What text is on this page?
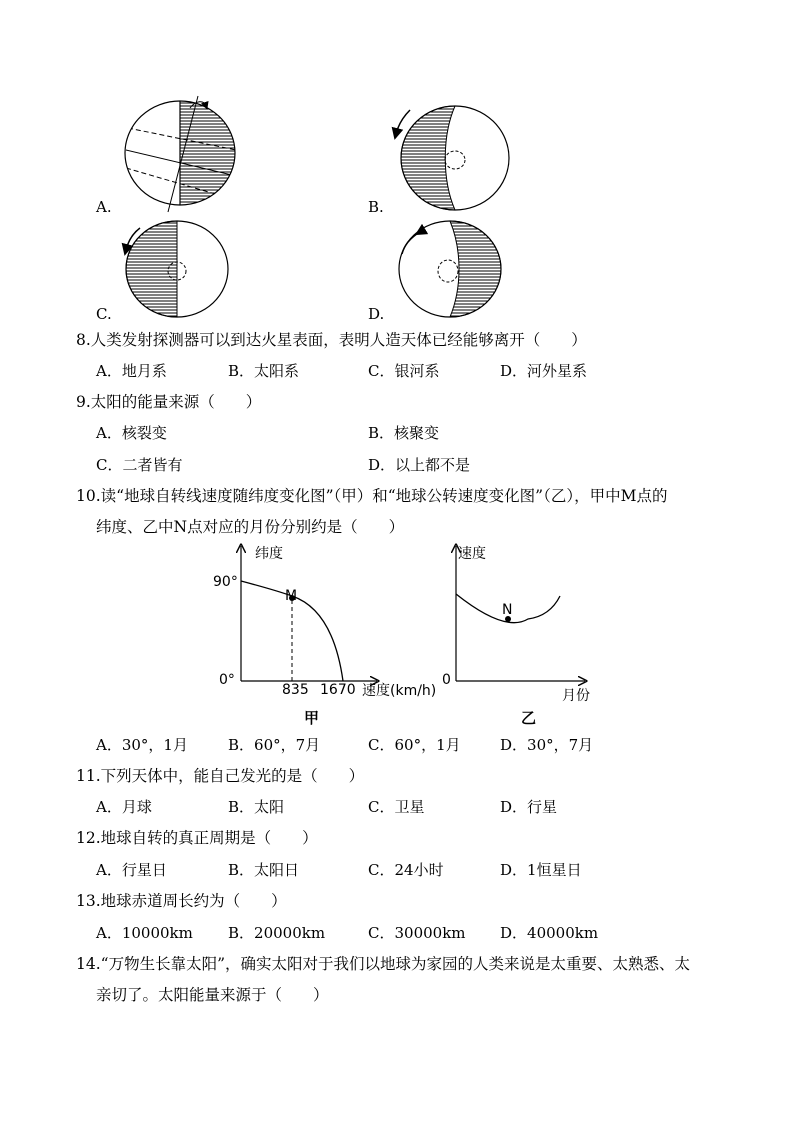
A.	B.
C.	D.
8.人类发射探测器可以到达火星表面，表明人造天体已经能够离开（　　）
A．地月系	B．太阳系	C．银河系	D．河外星系
9.太阳的能量来源（　　）
A．核裂变	B．核聚变
C．二者皆有	D．以上都不是
10.读“地球自转线速度随纬度变化图”（甲）和“地球公转速度变化图”（乙），甲中M点的
纬度、乙中N点对应的月份分别约是（　　）
纬度
90°
0°
M
835 1670 速度(km/h)
甲
速度
0
N
月份
乙
A．30°，1月	B．60°，7月	C．60°，1月	D．30°，7月
11.下列天体中，能自己发光的是（　　）
A．月球	B．太阳	C．卫星	D．行星
12.地球自转的真正周期是（　　）
A．行星日	B．太阳日	C．24小时	D．1恒星日
13.地球赤道周长约为（　　）
A．10000km B．20000km	C．30000km D．40000km
14.“万物生长靠太阳”，确实太阳对于我们以地球为家园的人类来说是太重要、太熟悉、太
亲切了。太阳能量来源于（　　）
